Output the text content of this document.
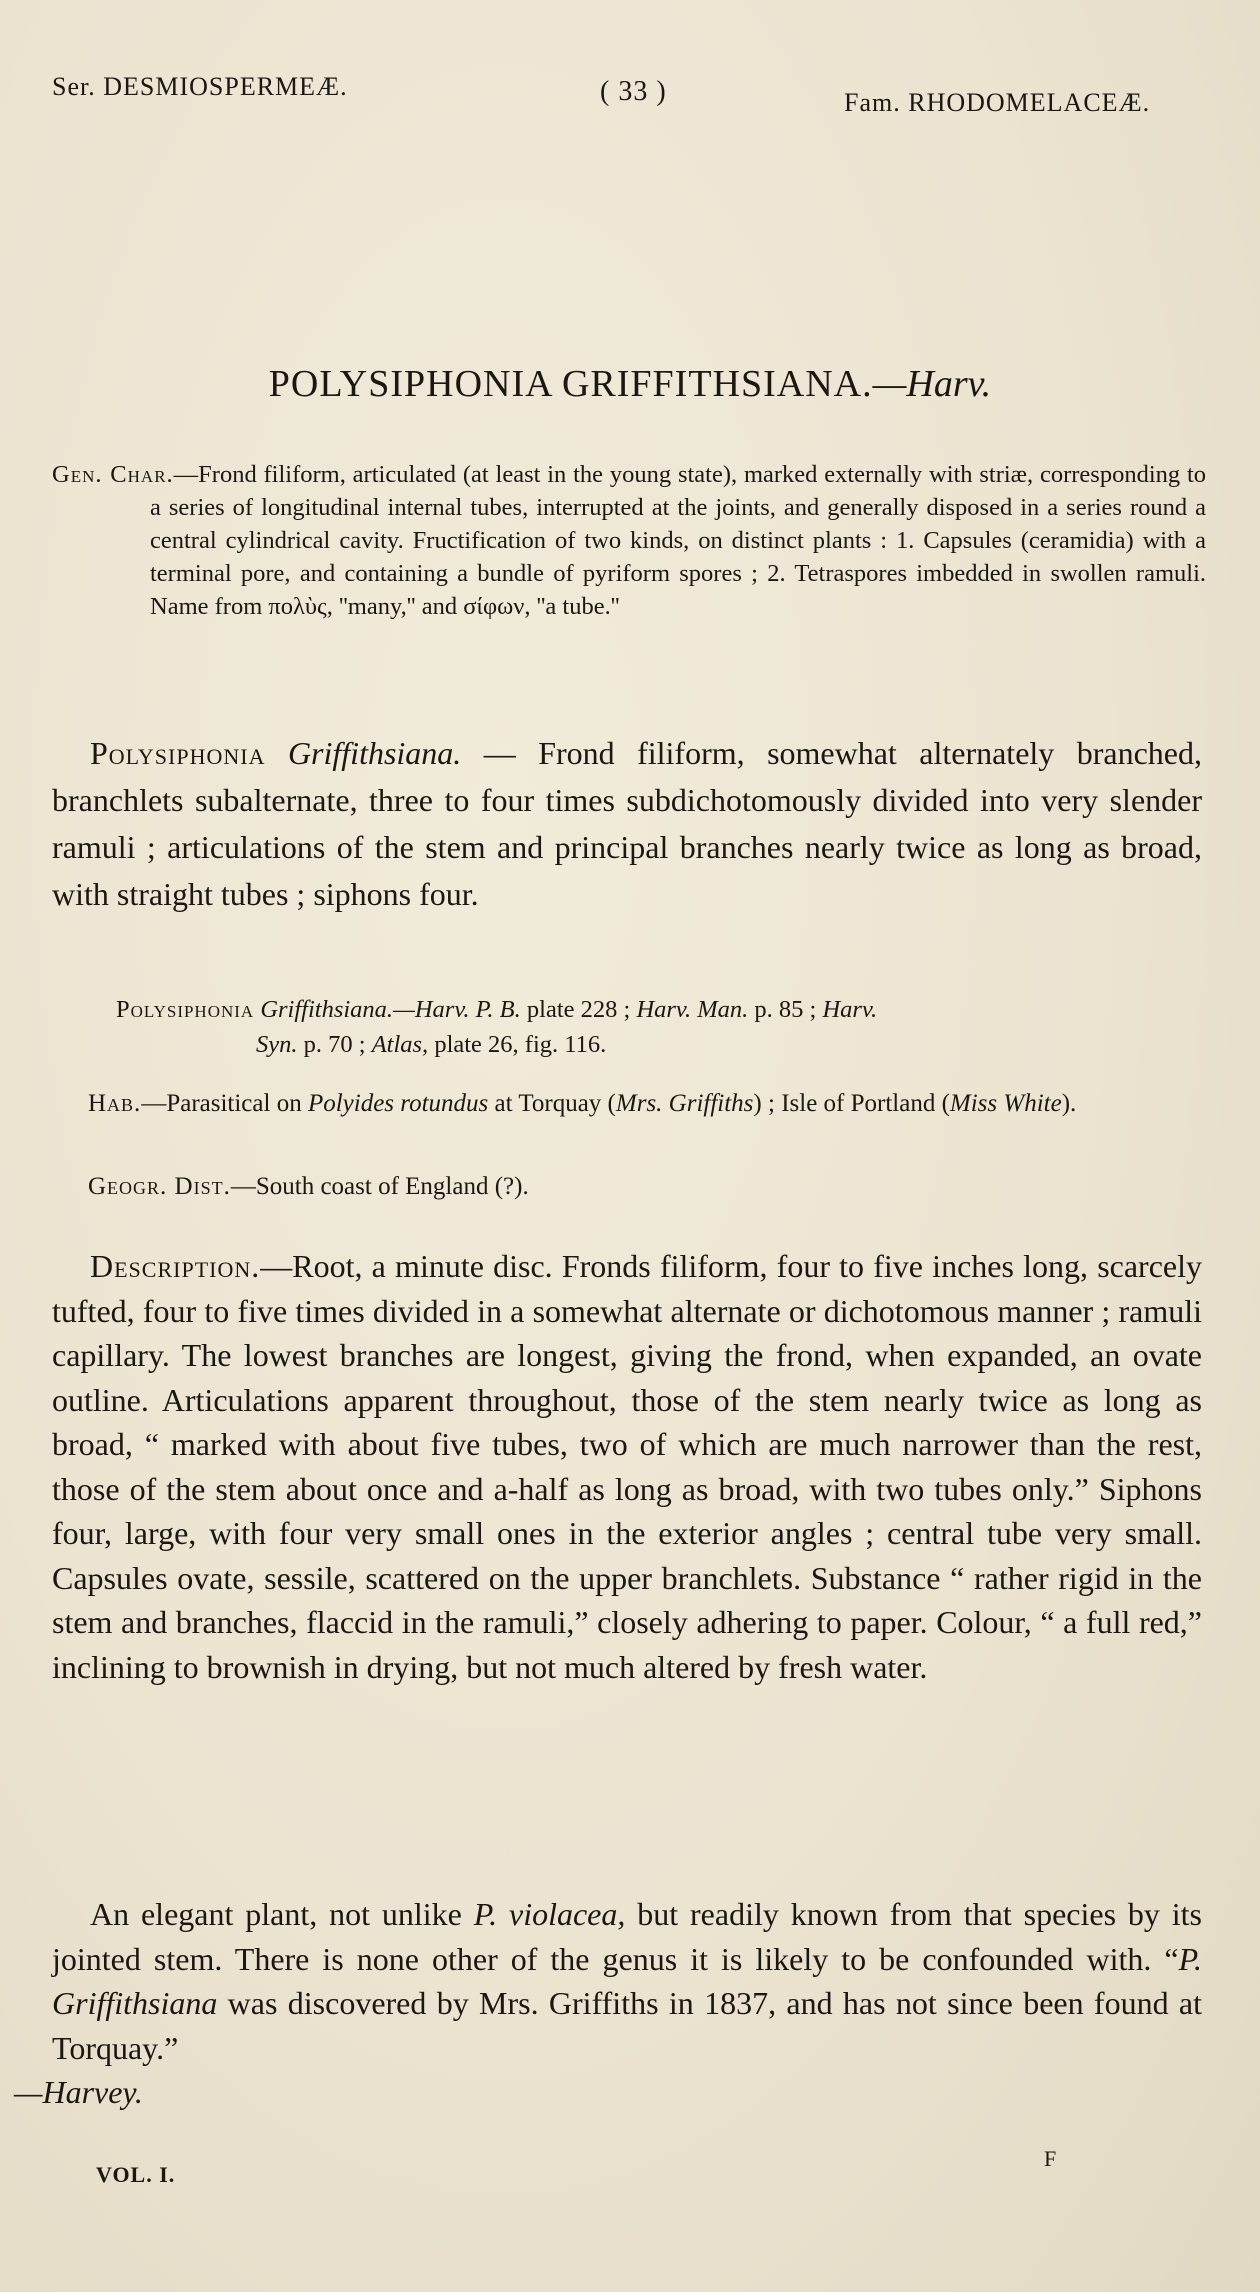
Ser. DESMIOSPERMEÆ.	( 33 )	Fam. RHODOMELACEÆ.
POLYSIPHONIA GRIFFITHSIANA.—Harv.
Gen. Char.—Frond filiform, articulated (at least in the young state), marked externally with striæ, corresponding to a series of longitudinal internal tubes, interrupted at the joints, and generally disposed in a series round a central cylindrical cavity. Fructification of two kinds, on distinct plants : 1. Capsules (ceramidia) with a terminal pore, and containing a bundle of pyriform spores ; 2. Tetraspores imbedded in swollen ramuli. Name from πολὺς, ''many,'' and σίφων, ''a tube.''
Polysiphonia Griffithsiana. — Frond filiform, somewhat alternately branched, branchlets subalternate, three to four times subdichotomously divided into very slender ramuli ; articulations of the stem and principal branches nearly twice as long as broad, with straight tubes ; siphons four.
Polysiphonia Griffithsiana.—Harv. P. B. plate 228 ; Harv. Man. p. 85 ; Harv.
Syn. p. 70 ; Atlas, plate 26, fig. 116.
Hab.—Parasitical on Polyides rotundus at Torquay (Mrs. Griffiths) ; Isle of Portland (Miss White).
Geogr. Dist.—South coast of England (?).
Description.—Root, a minute disc. Fronds filiform, four to five inches long, scarcely tufted, four to five times divided in a somewhat alternate or dichotomous manner ; ramuli capillary. The lowest branches are longest, giving the frond, when expanded, an ovate outline. Articulations apparent throughout, those of the stem nearly twice as long as broad, “ marked with about five tubes, two of which are much narrower than the rest, those of the stem about once and a-half as long as broad, with two tubes only.” Siphons four, large, with four very small ones in the exterior angles ; central tube very small. Capsules ovate, sessile, scattered on the upper branchlets. Substance “ rather rigid in the stem and branches, flaccid in the ramuli,” closely adhering to paper. Colour, “ a full red,” inclining to brownish in drying, but not much altered by fresh water.
An elegant plant, not unlike P. violacea, but readily known from that species by its jointed stem. There is none other of the genus it is likely to be confounded with. “P. Griffithsiana was discovered by Mrs. Griffiths in 1837, and has not since been found at Torquay.”
—Harvey.
VOL. I.
F
